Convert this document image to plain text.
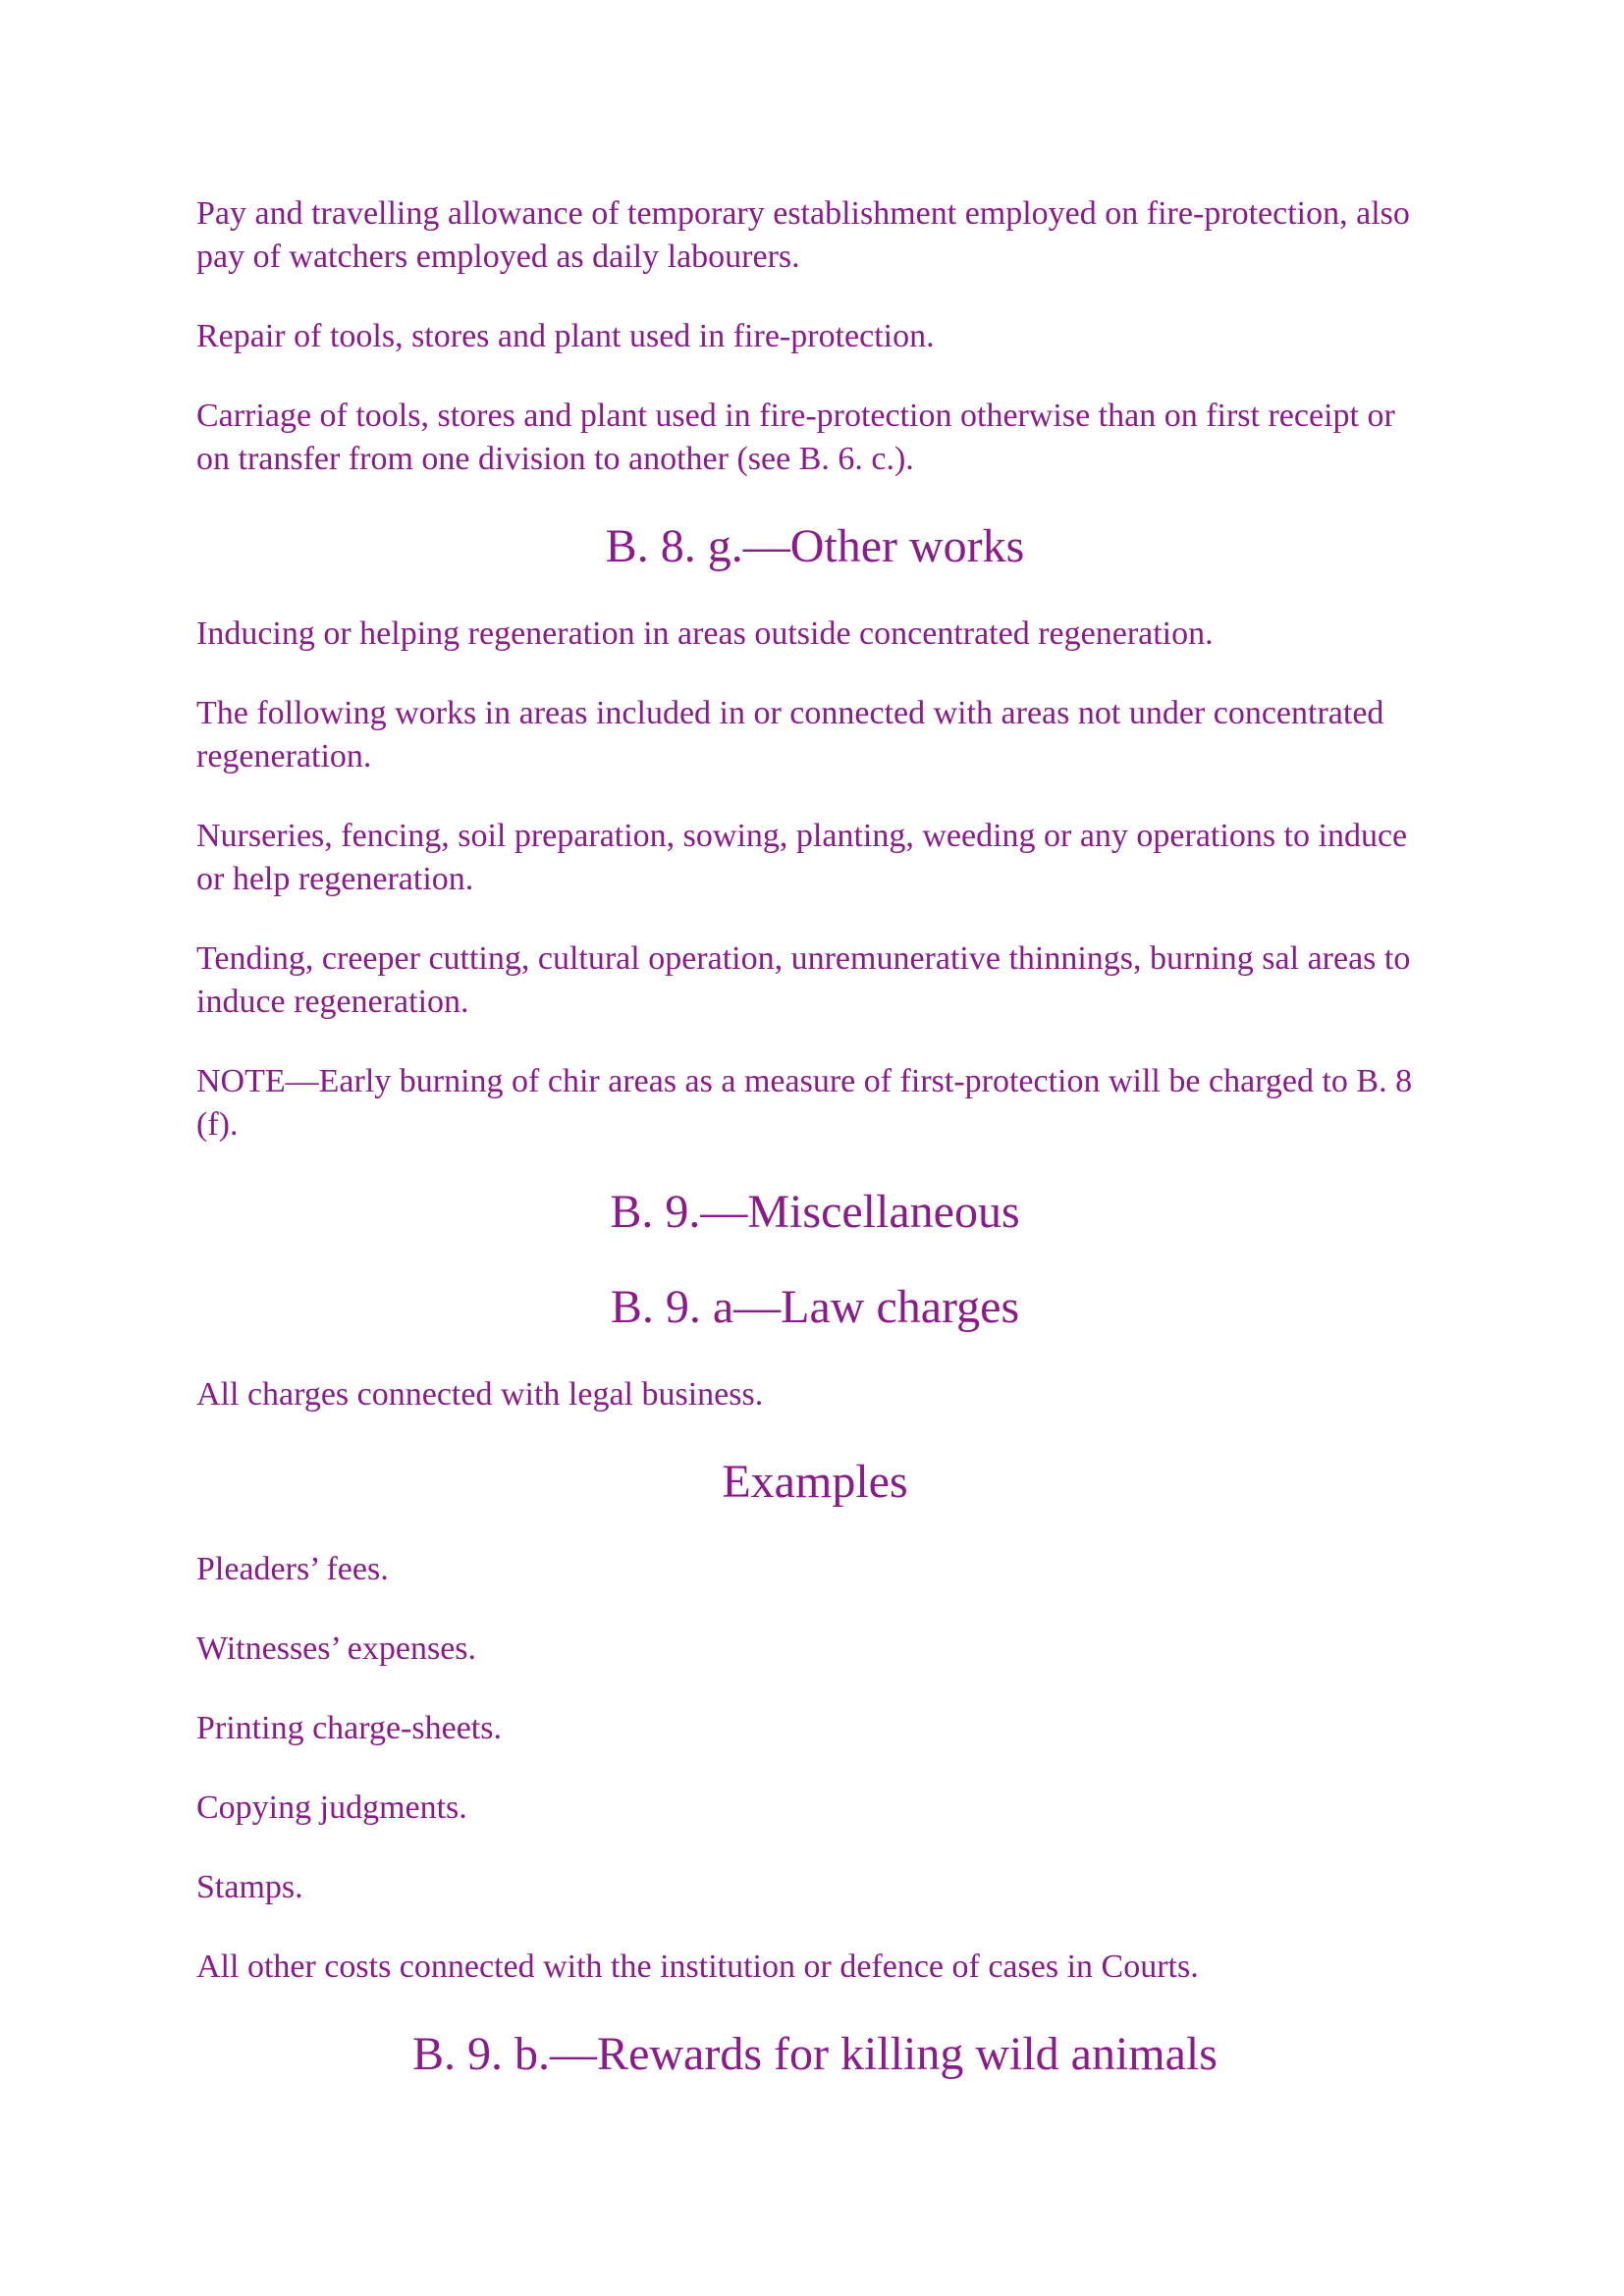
Pay and travelling allowance of temporary establishment employed on fire-protection, also pay of watchers employed as daily labourers.

Repair of tools, stores and plant used in fire-protection.

Carriage of tools, stores and plant used in fire-protection otherwise than on first receipt or on transfer from one division to another (see B. 6. c.).

B. 8. g.—Other works

Inducing or helping regeneration in areas outside concentrated regeneration.

The following works in areas included in or connected with areas not under concentrated regeneration.

Nurseries, fencing, soil preparation, sowing, planting, weeding or any operations to induce or help regeneration.

Tending, creeper cutting, cultural operation, unremunerative thinnings, burning sal areas to induce regeneration.

NOTE—Early burning of chir areas as a measure of first-protection will be charged to B. 8 (f).

B. 9.—Miscellaneous
B. 9. a—Law charges

All charges connected with legal business.

Examples

Pleaders’ fees.

Witnesses’ expenses.

Printing charge-sheets.

Copying judgments.

Stamps.

All other costs connected with the institution or defence of cases in Courts.

B. 9. b.—Rewards for killing wild animals
